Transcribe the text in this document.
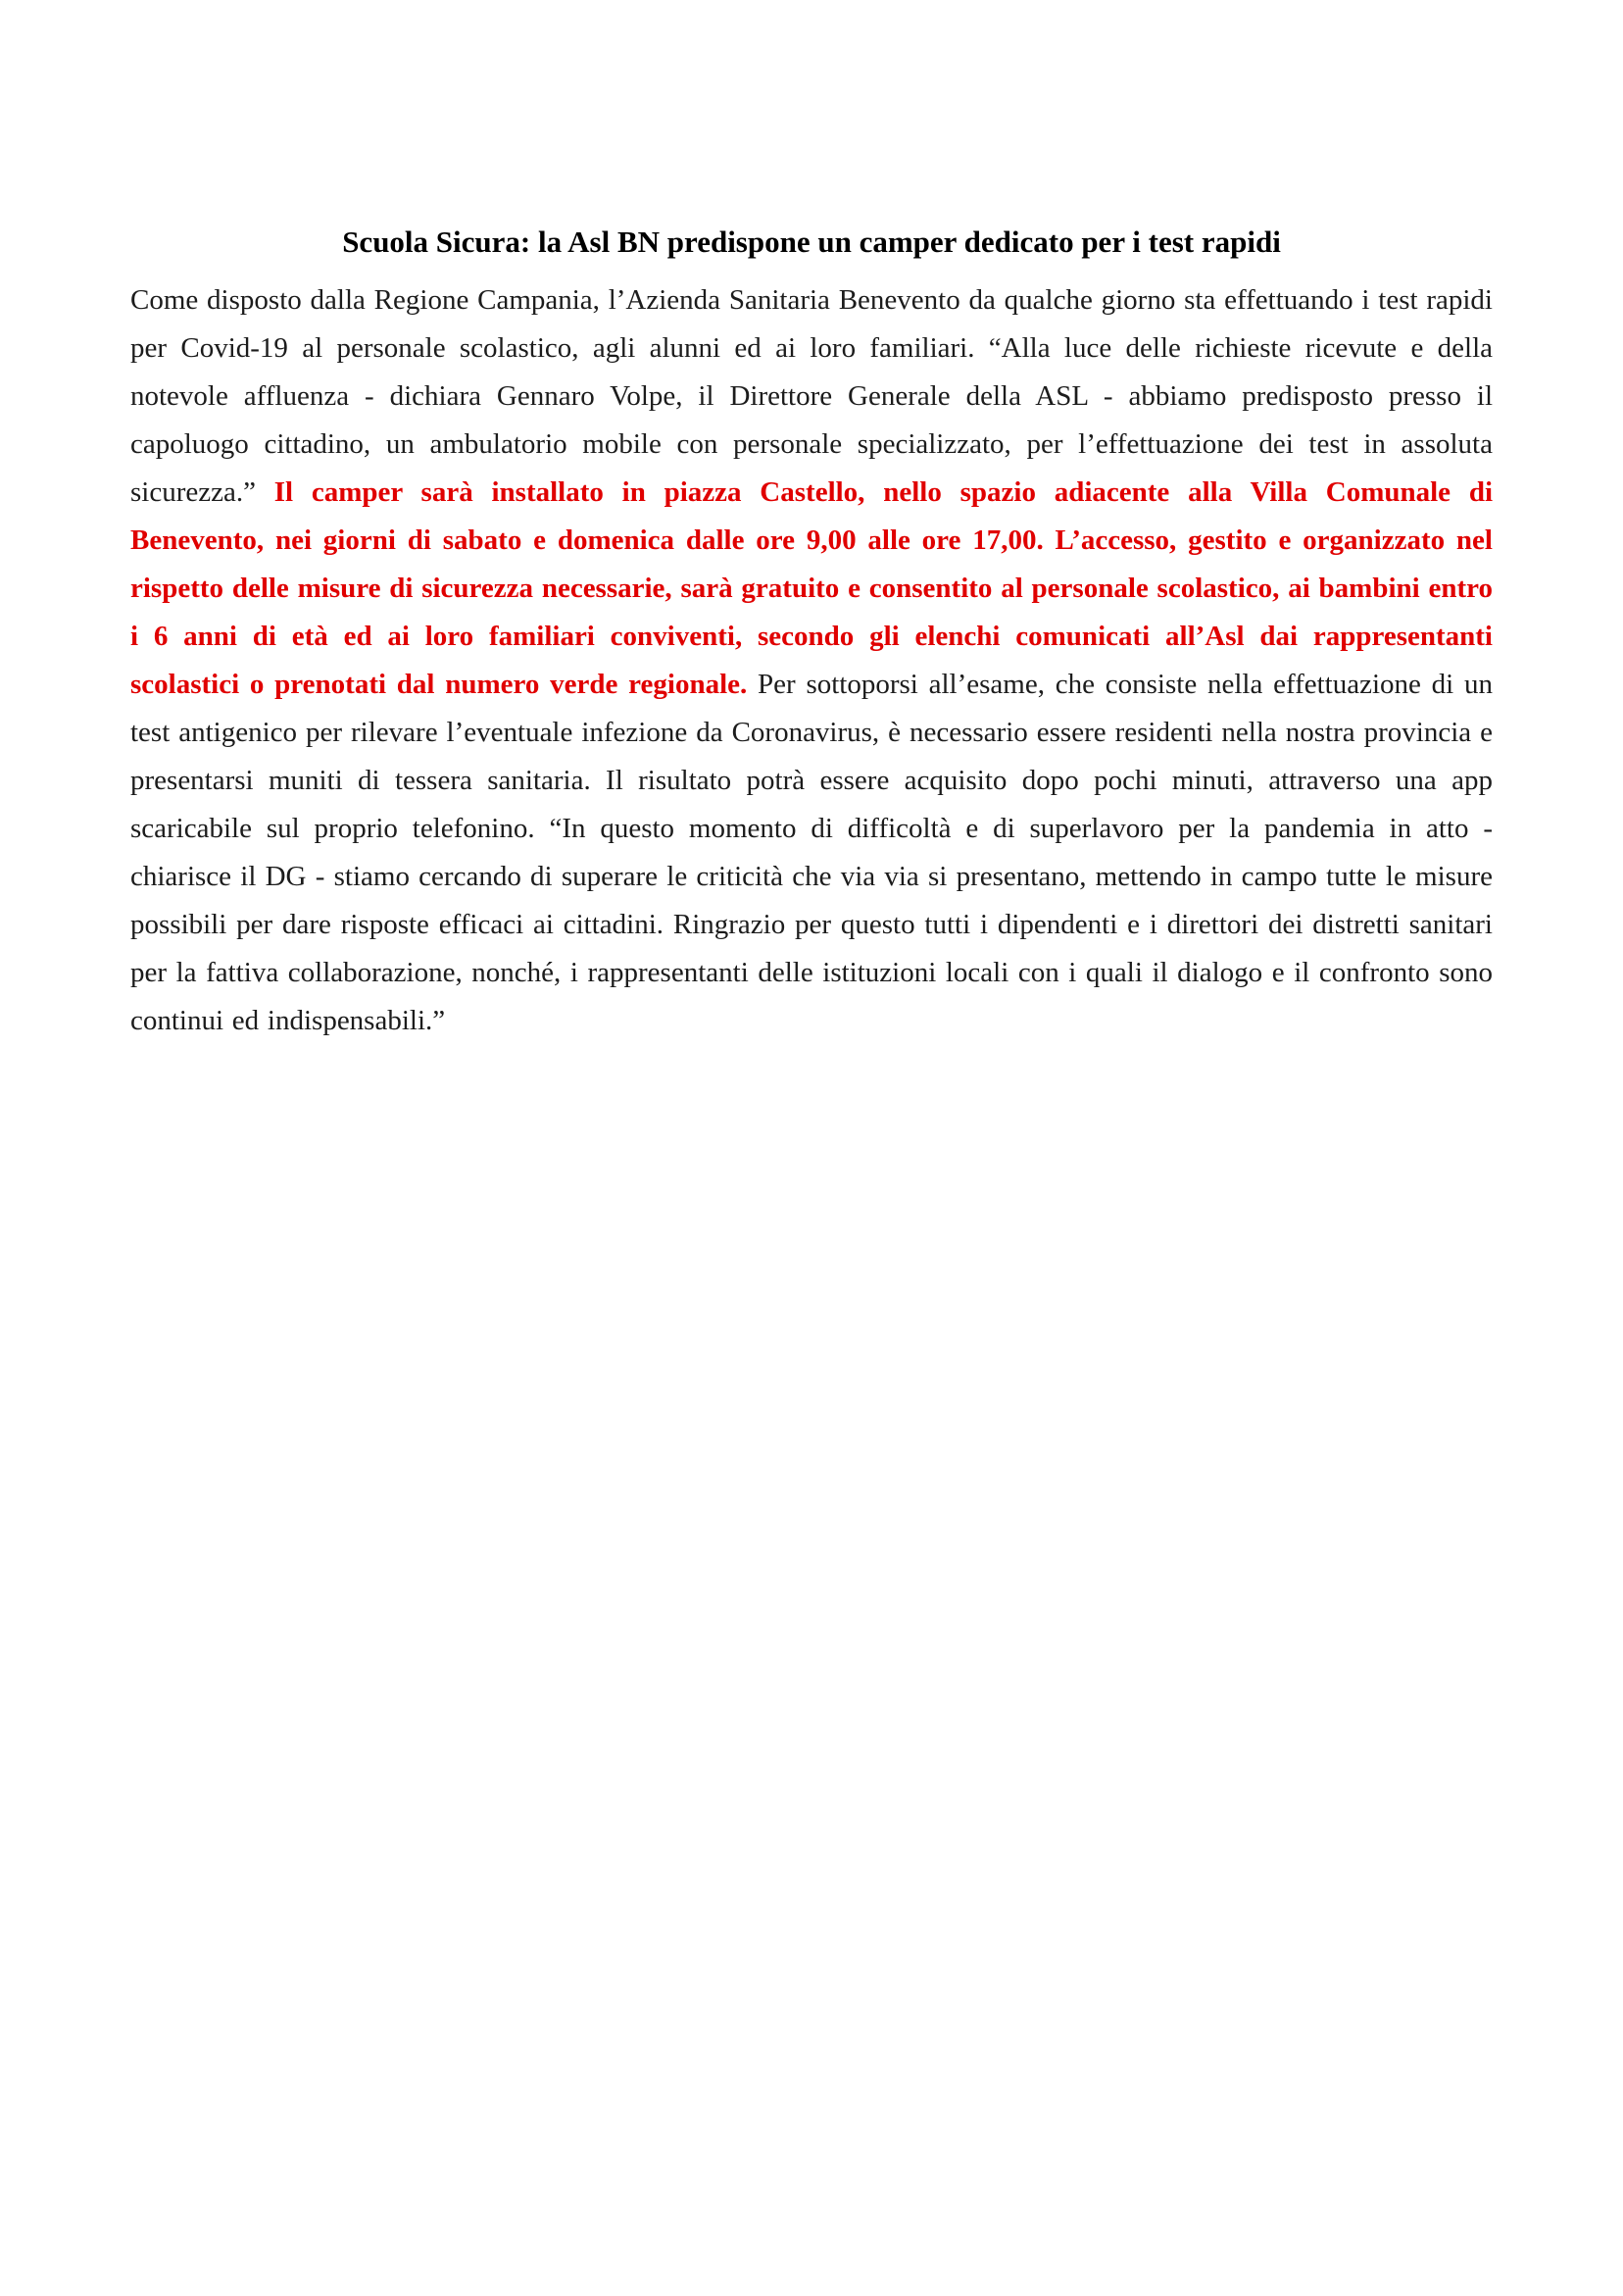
Scuola Sicura: la Asl BN predispone un camper dedicato per i test rapidi

Come disposto dalla Regione Campania, l’Azienda Sanitaria Benevento da qualche giorno sta effettuando i test rapidi per Covid-19 al personale scolastico, agli alunni ed ai loro familiari. “Alla luce delle richieste ricevute e della notevole affluenza - dichiara Gennaro Volpe, il Direttore Generale della ASL - abbiamo predisposto presso il capoluogo cittadino, un ambulatorio mobile con personale specializzato, per l’effettuazione dei test in assoluta sicurezza.” Il camper sarà installato in piazza Castello, nello spazio adiacente alla Villa Comunale di Benevento, nei giorni di sabato e domenica dalle ore 9,00 alle ore 17,00. L’accesso, gestito e organizzato nel rispetto delle misure di sicurezza necessarie, sarà gratuito e consentito al personale scolastico, ai bambini entro i 6 anni di età ed ai loro familiari conviventi, secondo gli elenchi comunicati all’Asl dai rappresentanti scolastici o prenotati dal numero verde regionale. Per sottoporsi all’esame, che consiste nella effettuazione di un test antigenico per rilevare l’eventuale infezione da Coronavirus, è necessario essere residenti nella nostra provincia e presentarsi muniti di tessera sanitaria. Il risultato potrà essere acquisito dopo pochi minuti, attraverso una app scaricabile sul proprio telefonino. “In questo momento di difficoltà e di superlavoro per la pandemia in atto - chiarisce il DG - stiamo cercando di superare le criticità che via via si presentano, mettendo in campo tutte le misure possibili per dare risposte efficaci ai cittadini. Ringrazio per questo tutti i dipendenti e i direttori dei distretti sanitari per la fattiva collaborazione, nonché, i rappresentanti delle istituzioni locali con i quali il dialogo e il confronto sono continui ed indispensabili.”
